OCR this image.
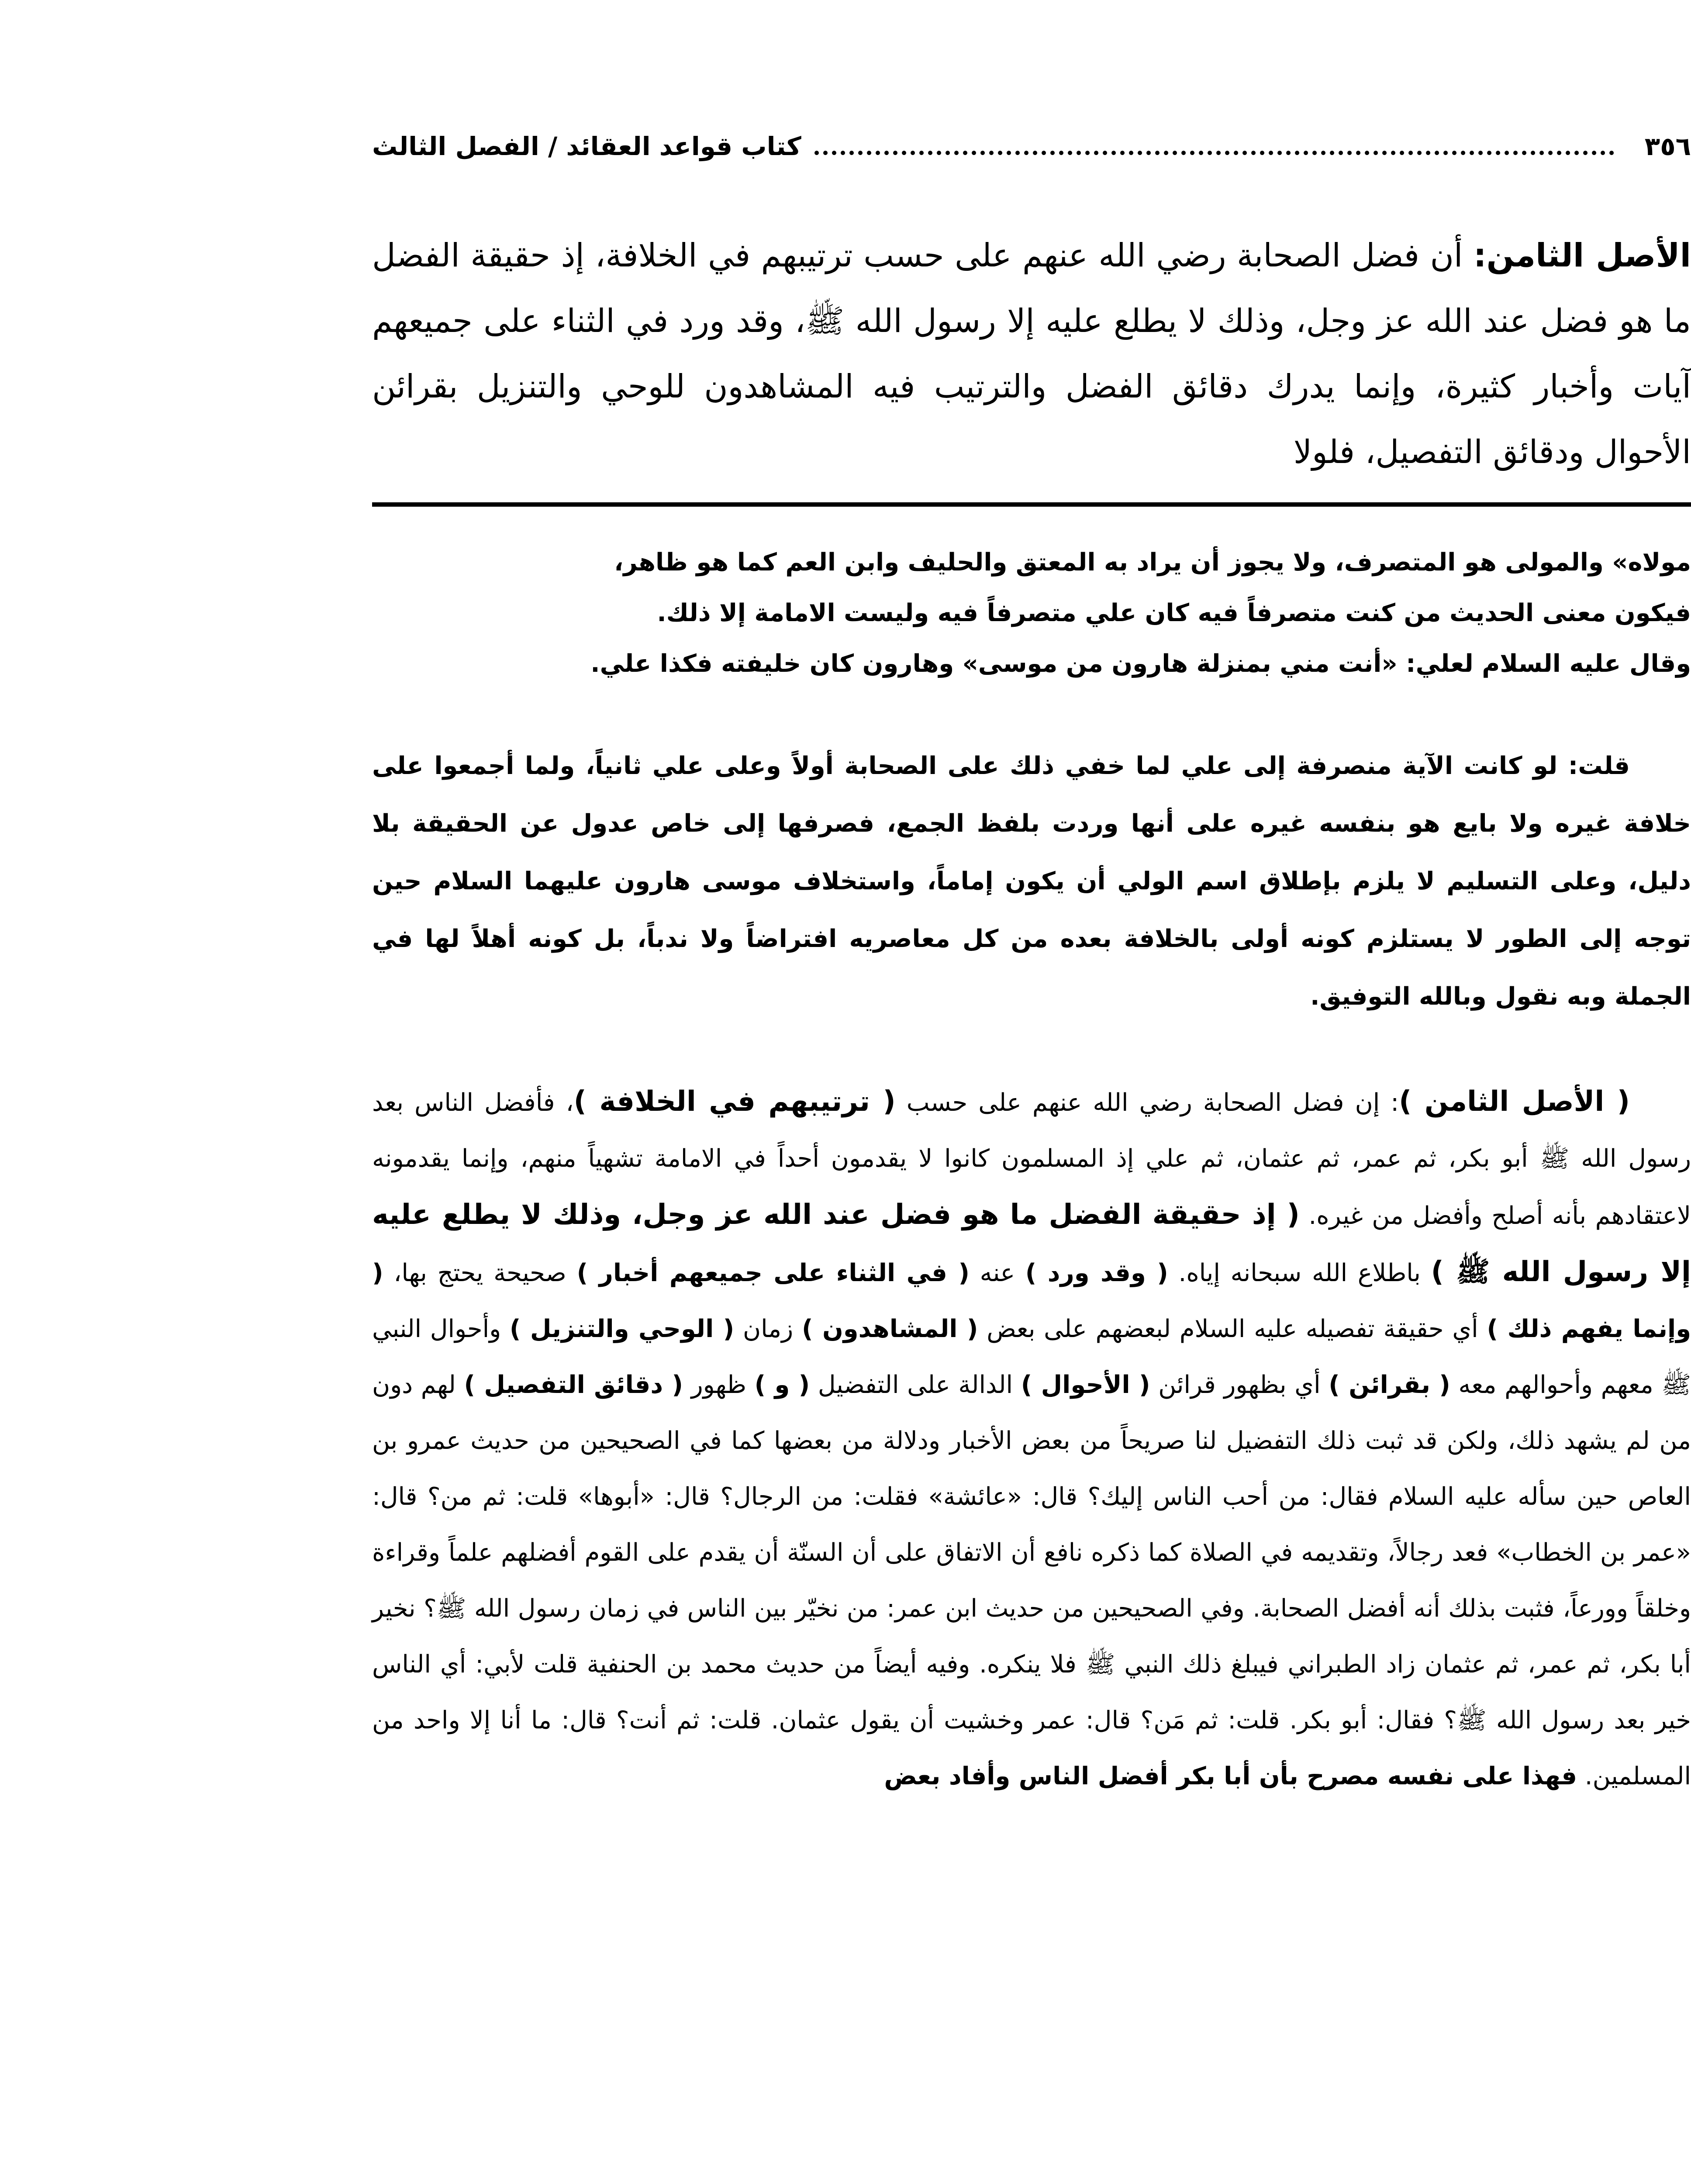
٣٥٦
كتاب قواعد العقائد / الفصل الثالث
الأصل الثامن: أن فضل الصحابة رضي الله عنهم على حسب ترتيبهم في الخلافة، إذ حقيقة الفضل ما هو فضل عند الله عز وجل، وذلك لا يطلع عليه إلا رسول الله ﷺ، وقد ورد في الثناء على جميعهم آيات وأخبار كثيرة، وإنما يدرك دقائق الفضل والترتيب فيه المشاهدون للوحي والتنزيل بقرائن الأحوال ودقائق التفصيل، فلولا
مولاه» والمولى هو المتصرف، ولا يجوز أن يراد به المعتق والحليف وابن العم كما هو ظاهر،
فيكون معنى الحديث من كنت متصرفاً فيه كان علي متصرفاً فيه وليست الامامة إلا ذلك.
وقال عليه السلام لعلي: «أنت مني بمنزلة هارون من موسى» وهارون كان خليفته فكذا علي.
قلت: لو كانت الآية منصرفة إلى علي لما خفي ذلك على الصحابة أولاً وعلى علي ثانياً، ولما أجمعوا على خلافة غيره ولا بايع هو بنفسه غيره على أنها وردت بلفظ الجمع، فصرفها إلى خاص عدول عن الحقيقة بلا دليل، وعلى التسليم لا يلزم بإطلاق اسم الولي أن يكون إماماً، واستخلاف موسى هارون عليهما السلام حين توجه إلى الطور لا يستلزم كونه أولى بالخلافة بعده من كل معاصريه افتراضاً ولا ندباً، بل كونه أهلاً لها في الجملة وبه نقول وبالله التوفيق.
( الأصل الثامن ): إن فضل الصحابة رضي الله عنهم على حسب ( ترتيبهم في الخلافة )، فأفضل الناس بعد رسول الله ﷺ أبو بكر، ثم عمر، ثم عثمان، ثم علي إذ المسلمون كانوا لا يقدمون أحداً في الامامة تشهياً منهم، وإنما يقدمونه لاعتقادهم بأنه أصلح وأفضل من غيره. ( إذ حقيقة الفضل ما هو فضل عند الله عز وجل، وذلك لا يطلع عليه إلا رسول الله ﷺ ) باطلاع الله سبحانه إياه. ( وقد ورد ) عنه ( في الثناء على جميعهم أخبار ) صحيحة يحتج بها، ( وإنما يفهم ذلك ) أي حقيقة تفصيله عليه السلام لبعضهم على بعض ( المشاهدون ) زمان ( الوحي والتنزيل ) وأحوال النبي ﷺ معهم وأحوالهم معه ( بقرائن ) أي بظهور قرائن ( الأحوال ) الدالة على التفضيل ( و ) ظهور ( دقائق التفصيل ) لهم دون من لم يشهد ذلك، ولكن قد ثبت ذلك التفضيل لنا صريحاً من بعض الأخبار ودلالة من بعضها كما في الصحيحين من حديث عمرو بن العاص حين سأله عليه السلام فقال: من أحب الناس إليك؟ قال: «عائشة» فقلت: من الرجال؟ قال: «أبوها» قلت: ثم من؟ قال: «عمر بن الخطاب» فعد رجالاً، وتقديمه في الصلاة كما ذكره نافع أن الاتفاق على أن السنّة أن يقدم على القوم أفضلهم علماً وقراءة وخلقاً وورعاً، فثبت بذلك أنه أفضل الصحابة. وفي الصحيحين من حديث ابن عمر: من نخيّر بين الناس في زمان رسول الله ﷺ؟ نخير أبا بكر، ثم عمر، ثم عثمان زاد الطبراني فيبلغ ذلك النبي ﷺ فلا ينكره. وفيه أيضاً من حديث محمد بن الحنفية قلت لأبي: أي الناس خير بعد رسول الله ﷺ؟ فقال: أبو بكر. قلت: ثم مَن؟ قال: عمر وخشيت أن يقول عثمان. قلت: ثم أنت؟ قال: ما أنا إلا واحد من المسلمين. فهذا على نفسه مصرح بأن أبا بكر أفضل الناس وأفاد بعض
